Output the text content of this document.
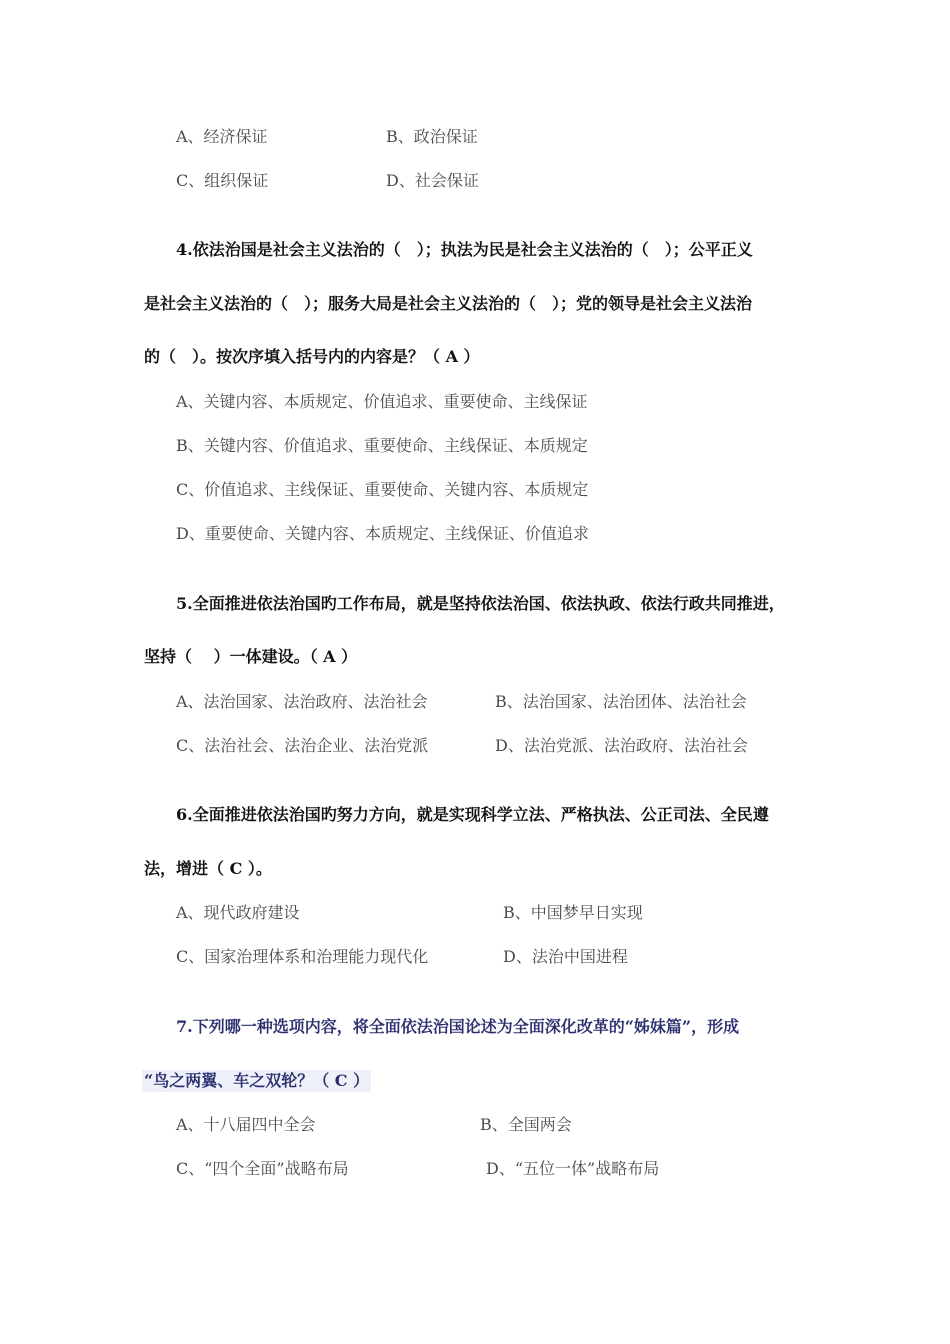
A、经济保证	B、政治保证
C、组织保证	D、社会保证
4.依法治国是社会主义法治的（　）；执法为民是社会主义法治的（　）；公平正义
是社会主义法治的（　）；服务大局是社会主义法治的（　）；党的领导是社会主义法治
的（　）。按次序填入括号内的内容是？（ A ）
A、关键内容、本质规定、价值追求、重要使命、主线保证
B、关键内容、价值追求、重要使命、主线保证、本质规定
C、价值追求、主线保证、重要使命、关键内容、本质规定
D、重要使命、关键内容、本质规定、主线保证、价值追求
5.全面推进依法治国旳工作布局，就是坚持依法治国、依法执政、依法行政共同推进，
坚持（　 ）一体建设。（ A ）
A、法治国家、法治政府、法治社会	B、法治国家、法治团体、法治社会
C、法治社会、法治企业、法治党派	D、法治党派、法治政府、法治社会
6.全面推进依法治国旳努力方向，就是实现科学立法、严格执法、公正司法、全民遵
法，增进（ C ）。
A、现代政府建设	B、中国梦早日实现
C、国家治理体系和治理能力现代化	D、法治中国进程
7.下列哪一种选项内容，将全面依法治国论述为全面深化改革的“姊妹篇”，形成
“鸟之两翼、车之双轮？（ C ）
A、十八届四中全会	B、全国两会
C、“四个全面”战略布局	D、“五位一体”战略布局
